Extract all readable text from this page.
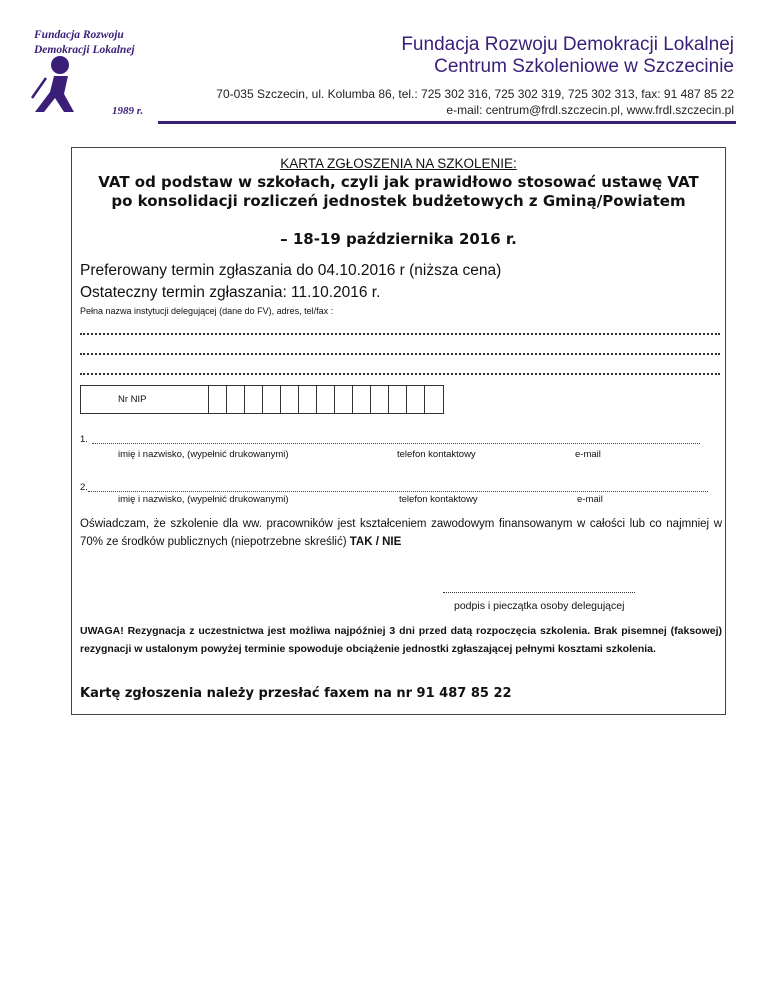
Fundacja Rozwoju
Demokracji Lokalnej
1989 r.
Fundacja Rozwoju Demokracji Lokalnej
Centrum Szkoleniowe w Szczecinie
70-035 Szczecin, ul. Kolumba 86, tel.: 725 302 316, 725 302 319, 725 302 313, fax: 91 487 85 22
e-mail: centrum@frdl.szczecin.pl, www.frdl.szczecin.pl
KARTA ZGŁOSZENIA NA SZKOLENIE:
VAT od podstaw w szkołach, czyli jak prawidłowo stosować ustawę VAT
po konsolidacji rozliczeń jednostek budżetowych z Gminą/Powiatem
– 18-19 października 2016 r.
Preferowany termin zgłaszania do 04.10.2016 r (niższa cena)
Ostateczny termin zgłaszania: 11.10.2016 r.
Pełna nazwa instytucji delegującej (dane do FV), adres, tel/fax :
Nr NIP
1.
imię i nazwisko, (wypełnić drukowanymi)	telefon kontaktowy	e-mail
2.
imię i nazwisko, (wypełnić drukowanymi)	telefon kontaktowy	e-mail
Oświadczam, że szkolenie dla ww. pracowników jest kształceniem zawodowym finansowanym w całości lub co najmniej w 70% ze środków publicznych (niepotrzebne skreślić) TAK / NIE
podpis i pieczątka osoby delegującej
UWAGA! Rezygnacja z uczestnictwa jest możliwa najpóźniej 3 dni przed datą rozpoczęcia szkolenia. Brak pisemnej (faksowej) rezygnacji w ustalonym powyżej terminie spowoduje obciążenie jednostki zgłaszającej pełnymi kosztami szkolenia.
Kartę zgłoszenia należy przesłać faxem na nr 91 487 85 22
